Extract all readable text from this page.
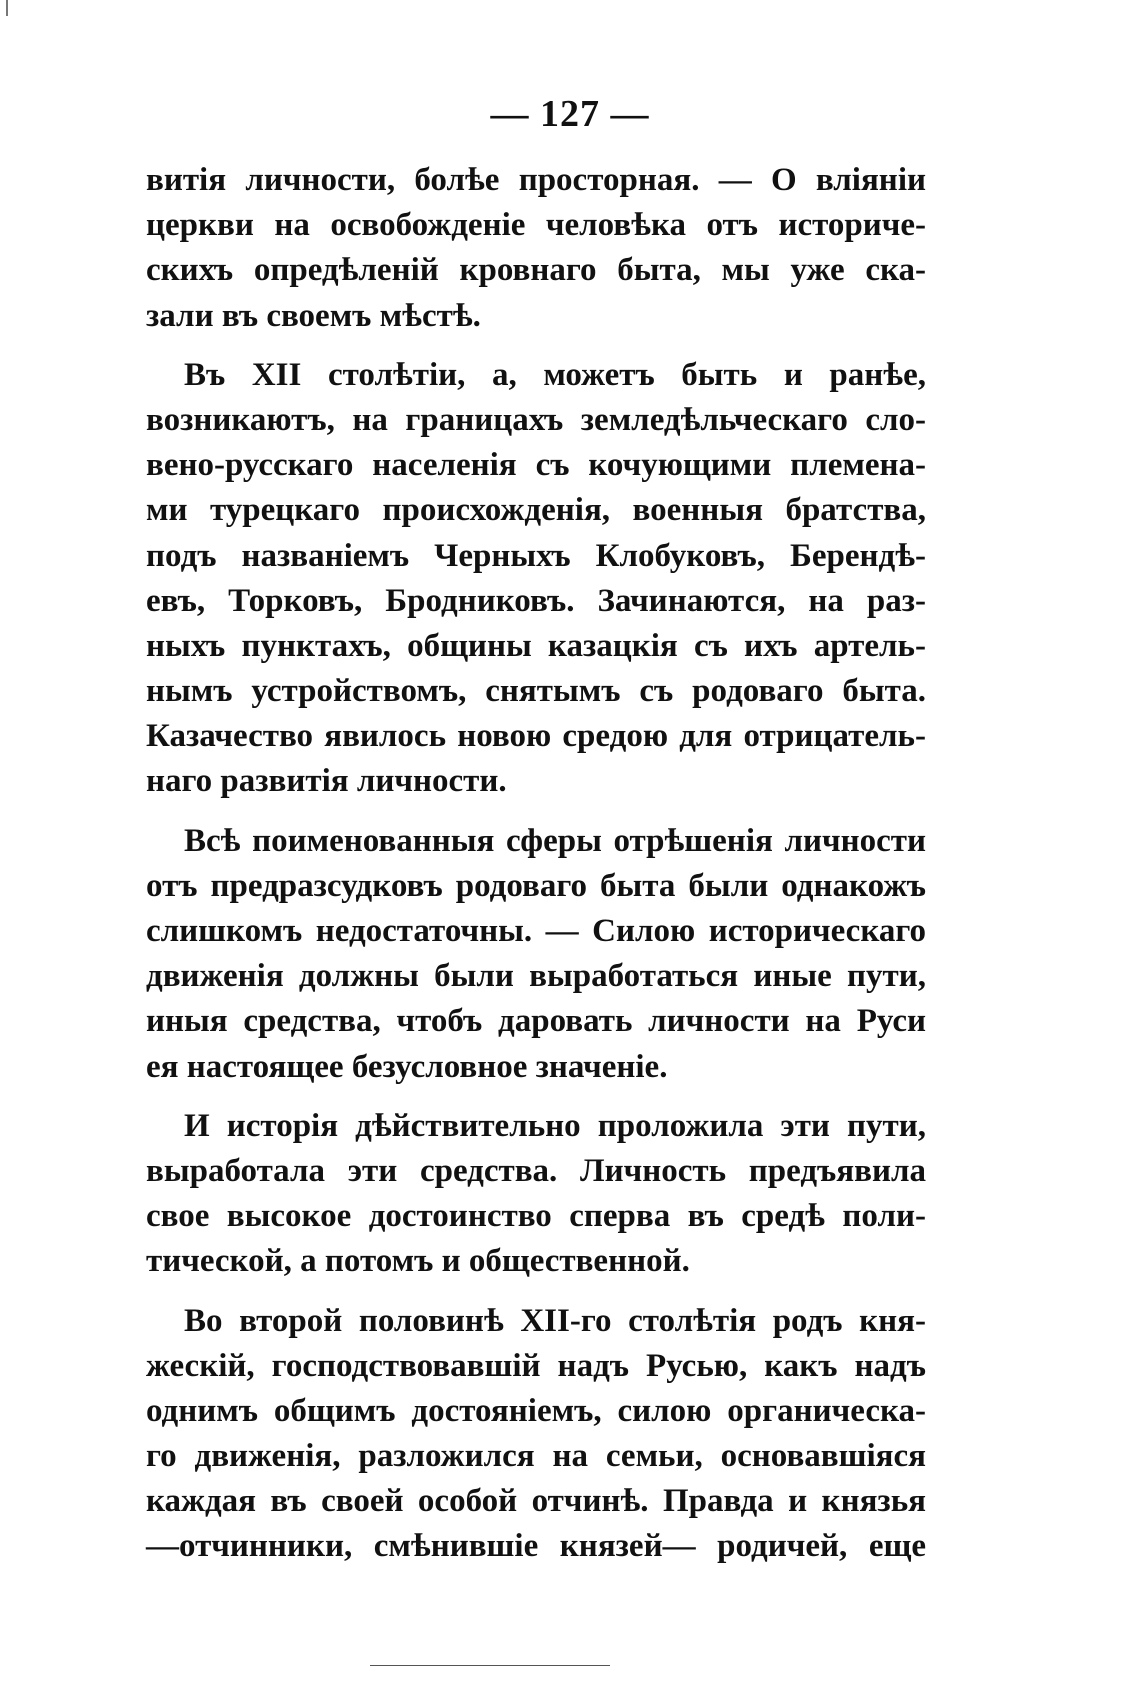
— 127 —
витія личности, болѣе просторная. — О вліяніи
церкви на освобожденіе человѣка отъ историче-
скихъ опредѣленій кровнаго быта, мы уже ска-
зали въ своемъ мѣстѣ.
Въ XII столѣтіи, а, можетъ быть и ранѣе,
возникаютъ, на границахъ земледѣльческаго сло-
вено-русскаго населенія съ кочующими племена-
ми турецкаго происхожденія, военныя братства,
подъ названіемъ Черныхъ Клобуковъ, Берендѣ-
евъ, Торковъ, Бродниковъ. Зачинаются, на раз-
ныхъ пунктахъ, общины казацкія съ ихъ артель-
нымъ устройствомъ, снятымъ съ родоваго быта.
Казачество явилось новою средою для отрицатель-
наго развитія личности.
Всѣ поименованныя сферы отрѣшенія личности
отъ предразсудковъ родоваго быта были однакожъ
слишкомъ недостаточны. — Силою историческаго
движенія должны были выработаться иные пути,
иныя средства, чтобъ даровать личности на Руси
ея настоящее безусловное значеніе.
И исторія дѣйствительно проложила эти пути,
выработала эти средства. Личность предъявила
свое высокое достоинство сперва въ средѣ поли-
тической, а потомъ и общественной.
Во второй половинѣ XII-го столѣтія родъ кня-
жескій, господствовавшій надъ Русью, какъ надъ
однимъ общимъ достояніемъ, силою органическа-
го движенія, разложился на семьи, основавшіяся
каждая въ своей особой отчинѣ. Правда и князья
—отчинники, смѣнившіе князей— родичей, еще
